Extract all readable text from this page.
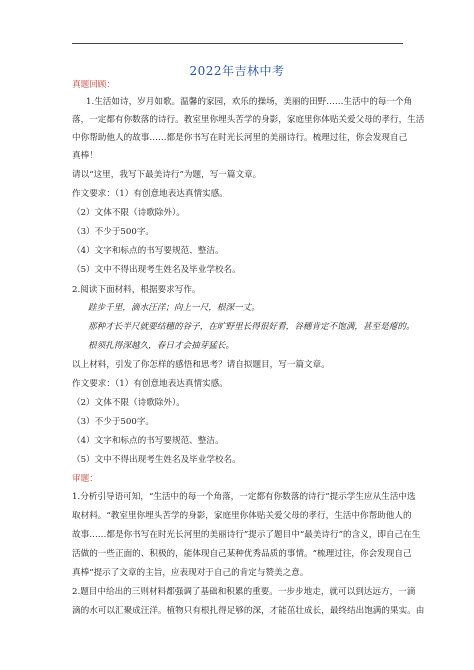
2022年吉林中考
真题回顾：
1.生活如诗，岁月如歌。温馨的家园，欢乐的操场，美丽的田野……生活中的每一个角
落，一定都有你数落的诗行。教室里你埋头苦学的身影，家庭里你体贴关爱父母的孝行，生活
中你帮助他人的故事……都是你书写在时光长河里的美丽诗行。梳理过往，你会发现自己
真棒！
请以“这里，我写下最美诗行”为题，写一篇文章。
作文要求：（1）有创意地表达真情实感。
（2）文体不限（诗歌除外）。
（3）不少于500字。
（4）文字和标点的书写要规范、整洁。
（5）文中不得出现考生姓名及毕业学校名。
2.阅读下面材料，根据要求写作。
跬步千里，滴水汪洋；向上一尺，根深一丈。
那种才长半尺就要结穗的谷子，在旷野里长得很好看，谷穗肯定不饱满，甚至是瘪的。
根须扎得深越久，春日才会抽芽猛长。
以上材料，引发了你怎样的感悟和思考？请自拟题目，写一篇文章。
作文要求：（1）有创意地表达真情实感。
（2）文体不限（诗歌除外）。
（3）不少于500字。
（4）文字和标点的书写要规范、整洁。
（5）文中不得出现考生姓名及毕业学校名。
审题：
1.分析引导语可知，“生活中的每一个角落，一定都有你数落的诗行”提示学生应从生活中选
取材料。“教室里你埋头苦学的身影，家庭里你体贴关爱父母的孝行，生活中你帮助他人的
故事……都是你书写在时光长河里的美丽诗行”提示了题目中“最美诗行”的含义，即自己在生
活做的一些正面的、积极的，能体现自己某种优秀品质的事情。“梳理过往，你会发现自己
真棒”提示了文章的主旨，应表现对于自己的肯定与赞美之意。
2.题目中给出的三则材料都强调了基础和积累的重要。一步步地走，就可以到达远方，一滴
滴的水可以汇聚成汪洋。植物只有根扎得足够的深，才能茁壮成长，最终结出饱满的果实。由
